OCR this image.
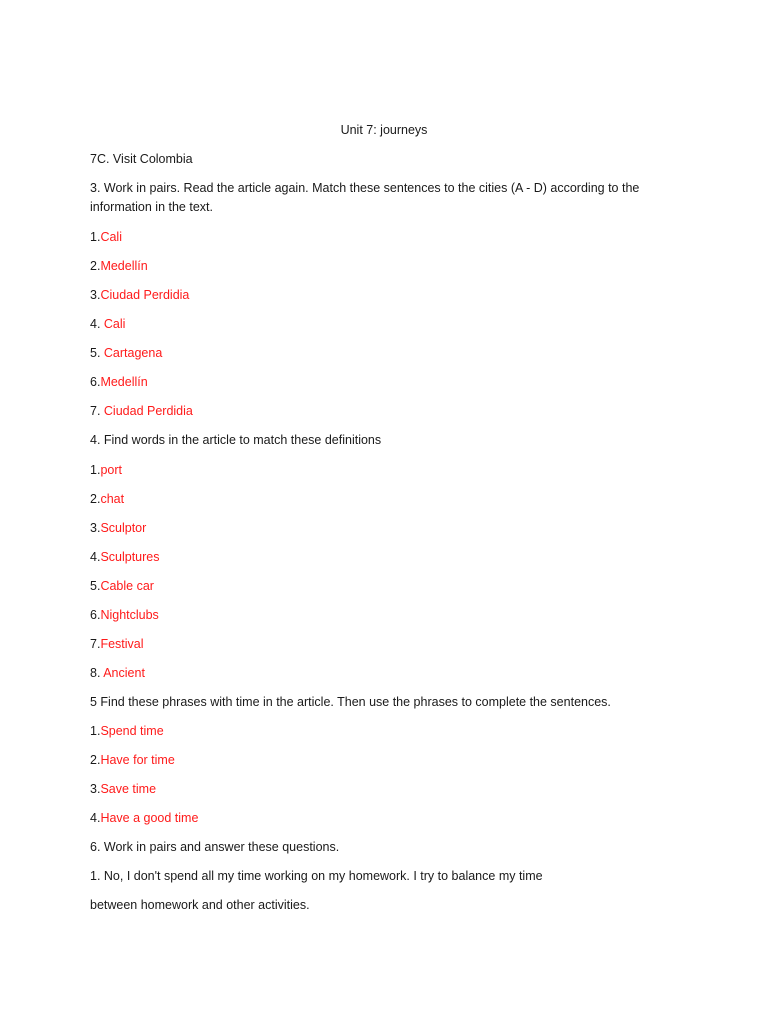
Unit 7: journeys
7C. Visit Colombia
3. Work in pairs. Read the article again. Match these sentences to the cities (A - D) according to the
information in the text.
1.Cali
2.Medellín
3.Ciudad Perdidia
4. Cali
5. Cartagena
6.Medellín
7. Ciudad Perdidia
4. Find words in the article to match these definitions
1.port
2.chat
3.Sculptor
4.Sculptures
5.Cable car
6.Nightclubs
7.Festival
8. Ancient
5 Find these phrases with time in the article. Then use the phrases to complete the sentences.
1.Spend time
2.Have for time
3.Save time
4.Have a good time
6. Work in pairs and answer these questions.
1. No, I don't spend all my time working on my homework. I try to balance my time
between homework and other activities.
